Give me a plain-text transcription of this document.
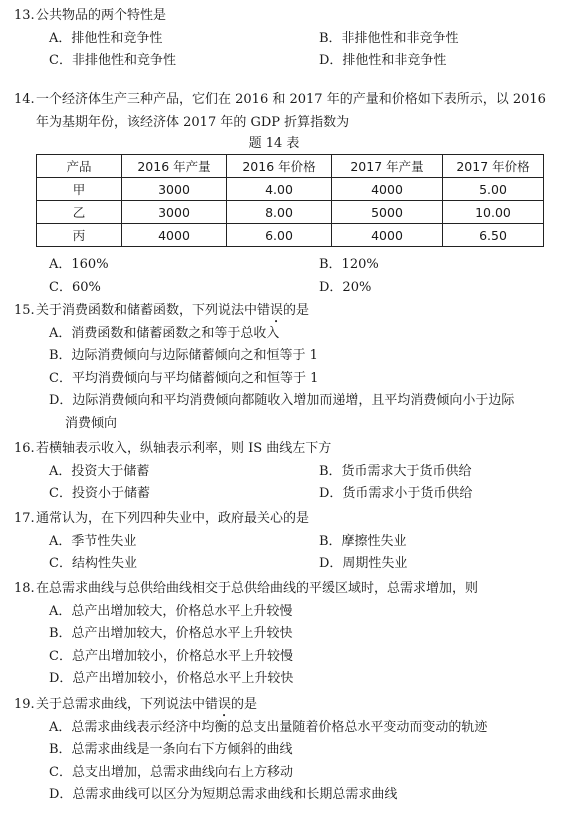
13.公共物品的两个特性是
A．排他性和竞争性	B．非排他性和非竞争性
C．非排他性和竞争性	D．排他性和非竞争性
14.一个经济体生产三种产品，它们在 2016 和 2017 年的产量和价格如下表所示，以 2016
年为基期年份，该经济体 2017 年的 GDP 折算指数为
题 14 表
产品	2016 年产量	2016 年价格	2017 年产量	2017 年价格
甲	3000	4.00	4000	5.00
乙	3000	8.00	5000	10.00
丙	4000	6.00	4000	6.50
A．160%	B．120%
C．60%	D．20%
15.关于消费函数和储蓄函数，下列说法中错误的是
A．消费函数和储蓄函数之和等于总收入
B．边际消费倾向与边际储蓄倾向之和恒等于 1
C．平均消费倾向与平均储蓄倾向之和恒等于 1
D．边际消费倾向和平均消费倾向都随收入增加而递增，且平均消费倾向小于边际
消费倾向
16.若横轴表示收入，纵轴表示利率，则 IS 曲线左下方
A．投资大于储蓄	B．货币需求大于货币供给
C．投资小于储蓄	D．货币需求小于货币供给
17.通常认为，在下列四种失业中，政府最关心的是
A．季节性失业	B．摩擦性失业
C．结构性失业	D．周期性失业
18.在总需求曲线与总供给曲线相交于总供给曲线的平缓区域时，总需求增加，则
A．总产出增加较大，价格总水平上升较慢
B．总产出增加较大，价格总水平上升较快
C．总产出增加较小，价格总水平上升较慢
D．总产出增加较小，价格总水平上升较快
19.关于总需求曲线，下列说法中错误的是
A．总需求曲线表示经济中均衡的总支出量随着价格总水平变动而变动的轨迹
B．总需求曲线是一条向右下方倾斜的曲线
C．总支出增加，总需求曲线向右上方移动
D．总需求曲线可以区分为短期总需求曲线和长期总需求曲线
